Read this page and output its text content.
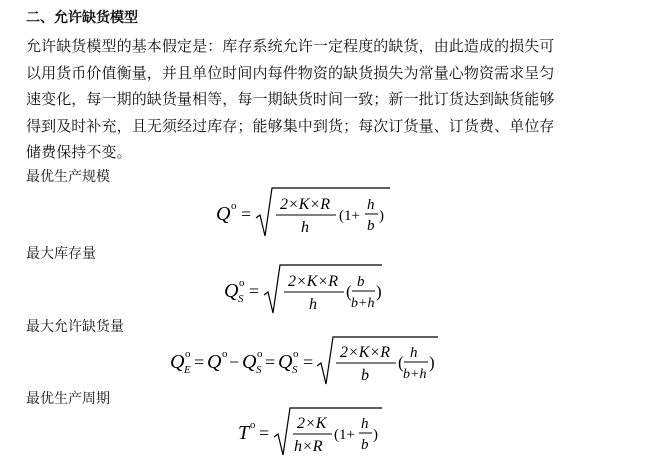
二、允许缺货模型
允许缺货模型的基本假定是：库存系统允许一定程度的缺货，由此造成的损失可
以用货币价值衡量，并且单位时间内每件物资的缺货损失为常量心物资需求呈匀
速变化，每一期的缺货量相等，每一期缺货时间一致；新一批订货达到缺货能够
得到及时补充，且无须经过库存；能够集中到货；每次订货量、订货费、单位存
储费保持不变。
最优生产规模
Q o = 2×K×R
h
(1+
h
b
)
最大库存量
Q o
S = 2×K×R
h
( b
b+h
)
最大允许缺货量
Q o
E = Q o − Q o
S = Q o
S = 2×K×R
b
( h
b+h
)
最优生产周期
T o = 2×K
h×R
(1+
h
b
)
